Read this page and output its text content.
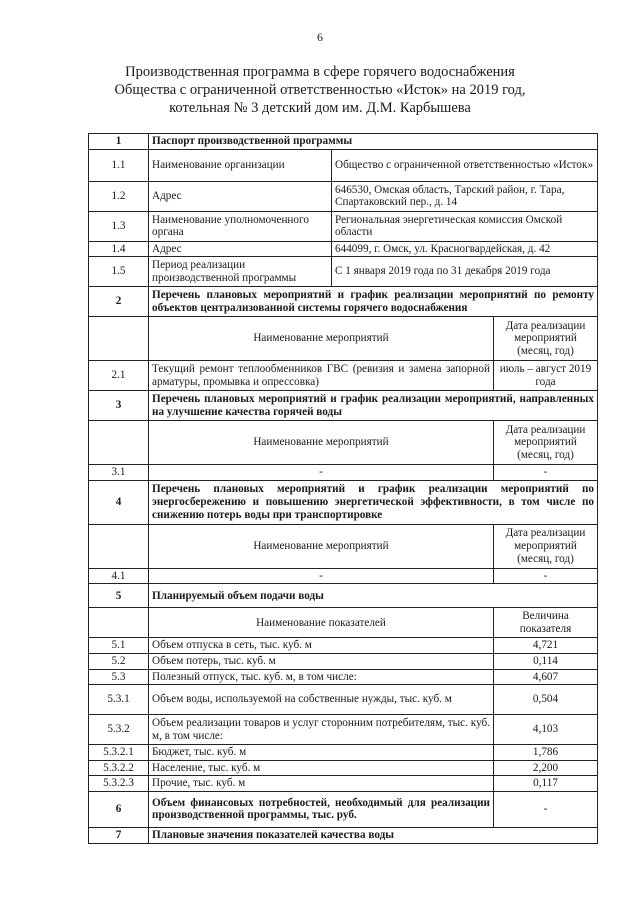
6
Производственная программа в сфере горячего водоснабжения
Общества с ограниченной ответственностью «Исток» на 2019 год,
котельная № 3 детский дом им. Д.М. Карбышева
1	Паспорт производственной программы		
1.1	Наименование организации	Общество с ограниченной ответственностью «Исток»	
1.2	Адрес	646530, Омская область, Тарский район, г. Тара, Спартаковский пер., д. 14	
1.3	Наименование уполномоченного органа	Региональная энергетическая комиссия Омской области	
1.4	Адрес	644099, г. Омск, ул. Красногвардейская, д. 42	
1.5	Период реализации производственной программы	С 1 января 2019 года по 31 декабря 2019 года	
2	Перечень плановых мероприятий и график реализации мероприятий по ремонту объектов централизованной системы горячего водоснабжения		
	Наименование мероприятий		Дата реализации мероприятий (месяц, год)
2.1	Текущий ремонт теплообменников ГВС (ревизия и замена запорной арматуры, промывка и опрессовка)		июль – август 2019 года
3	Перечень плановых мероприятий и график реализации мероприятий, направленных на улучшение качества горячей воды		
	Наименование мероприятий		Дата реализации мероприятий (месяц, год)
3.1	-		-
4	Перечень плановых мероприятий и график реализации мероприятий по энергосбережению и повышению энергетической эффективности, в том числе по снижению потерь воды при транспортировке		
	Наименование мероприятий		Дата реализации мероприятий (месяц, год)
4.1	-		-
5	Планируемый объем подачи воды		
	Наименование показателей		Величина показателя
5.1	Объем отпуска в сеть, тыс. куб. м		4,721
5.2	Объем потерь, тыс. куб. м		0,114
5.3	Полезный отпуск, тыс. куб. м, в том числе:		4,607
5.3.1	Объем воды, используемой на собственные нужды, тыс. куб. м		0,504
5.3.2	Объем реализации товаров и услуг сторонним потребителям, тыс. куб. м, в том числе:		4,103
5.3.2.1	Бюджет, тыс. куб. м		1,786
5.3.2.2	Население, тыс. куб. м		2,200
5.3.2.3	Прочие, тыс. куб. м		0,117
6	Объем финансовых потребностей, необходимый для реализации производственной программы, тыс. руб.		-
7	Плановые значения показателей качества воды		
